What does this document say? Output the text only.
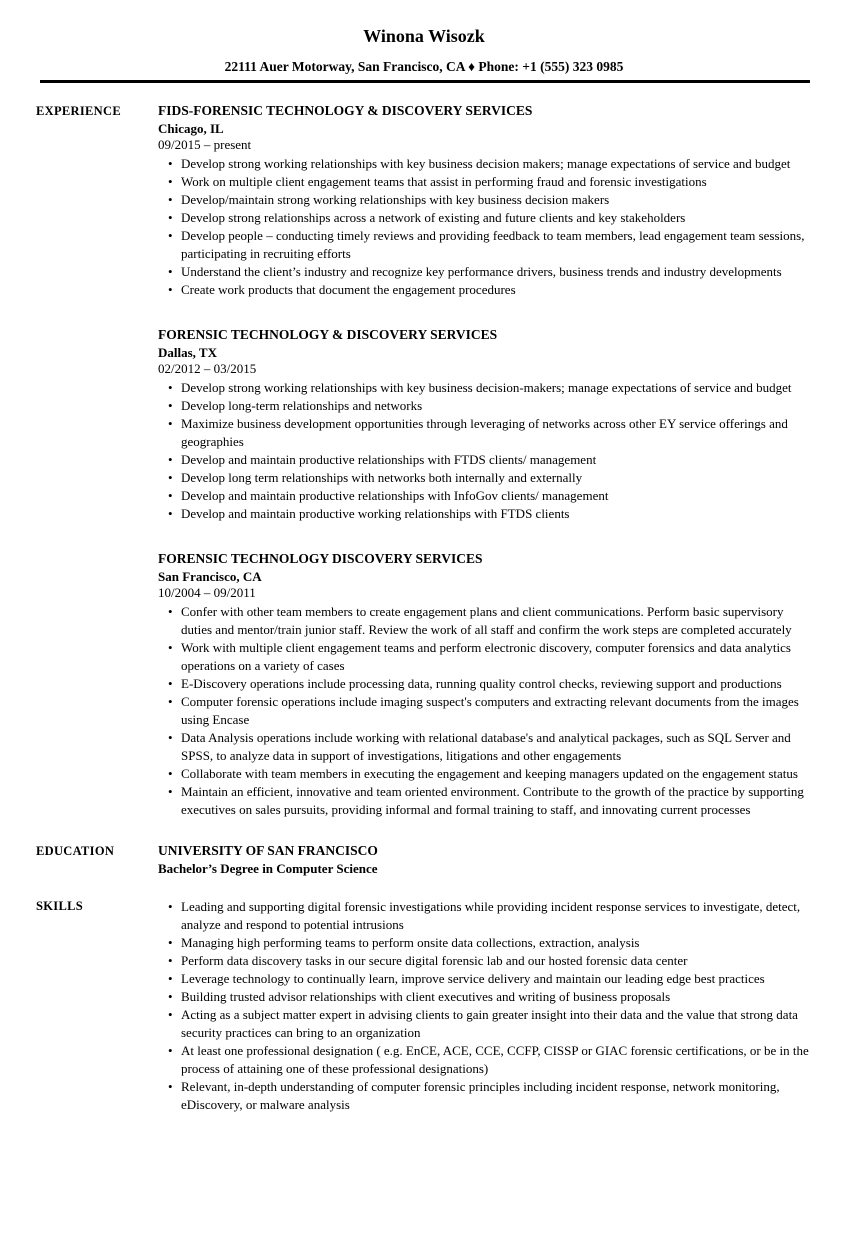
Winona Wisozk
22111 Auer Motorway, San Francisco, CA ♦ Phone: +1 (555) 323 0985
EXPERIENCE	FIDS-FORENSIC TECHNOLOGY & DISCOVERY SERVICES
Chicago, IL
09/2015 – present
• Develop strong working relationships with key business decision makers; manage expectations of service and budget
• Work on multiple client engagement teams that assist in performing fraud and forensic investigations
• Develop/maintain strong working relationships with key business decision makers
• Develop strong relationships across a network of existing and future clients and key stakeholders
• Develop people – conducting timely reviews and providing feedback to team members, lead engagement team sessions, participating in recruiting efforts
• Understand the client’s industry and recognize key performance drivers, business trends and industry developments
• Create work products that document the engagement procedures
FORENSIC TECHNOLOGY & DISCOVERY SERVICES
Dallas, TX
02/2012 – 03/2015
• Develop strong working relationships with key business decision-makers; manage expectations of service and budget
• Develop long-term relationships and networks
• Maximize business development opportunities through leveraging of networks across other EY service offerings and geographies
• Develop and maintain productive relationships with FTDS clients/ management
• Develop long term relationships with networks both internally and externally
• Develop and maintain productive relationships with InfoGov clients/ management
• Develop and maintain productive working relationships with FTDS clients
FORENSIC TECHNOLOGY DISCOVERY SERVICES
San Francisco, CA
10/2004 – 09/2011
• Confer with other team members to create engagement plans and client communications. Perform basic supervisory duties and mentor/train junior staff. Review the work of all staff and confirm the work steps are completed accurately
• Work with multiple client engagement teams and perform electronic discovery, computer forensics and data analytics operations on a variety of cases
• E-Discovery operations include processing data, running quality control checks, reviewing support and productions
• Computer forensic operations include imaging suspect's computers and extracting relevant documents from the images using Encase
• Data Analysis operations include working with relational database's and analytical packages, such as SQL Server and SPSS, to analyze data in support of investigations, litigations and other engagements
• Collaborate with team members in executing the engagement and keeping managers updated on the engagement status
• Maintain an efficient, innovative and team oriented environment. Contribute to the growth of the practice by supporting executives on sales pursuits, providing informal and formal training to staff, and innovating current processes
EDUCATION	UNIVERSITY OF SAN FRANCISCO
Bachelor’s Degree in Computer Science
SKILLS	• Leading and supporting digital forensic investigations while providing incident response services to investigate, detect, analyze and respond to potential intrusions
• Managing high performing teams to perform onsite data collections, extraction, analysis
• Perform data discovery tasks in our secure digital forensic lab and our hosted forensic data center
• Leverage technology to continually learn, improve service delivery and maintain our leading edge best practices
• Building trusted advisor relationships with client executives and writing of business proposals
• Acting as a subject matter expert in advising clients to gain greater insight into their data and the value that strong data security practices can bring to an organization
• At least one professional designation ( e.g. EnCE, ACE, CCE, CCFP, CISSP or GIAC forensic certifications, or be in the process of attaining one of these professional designations)
• Relevant, in-depth understanding of computer forensic principles including incident response, network monitoring, eDiscovery, or malware analysis
